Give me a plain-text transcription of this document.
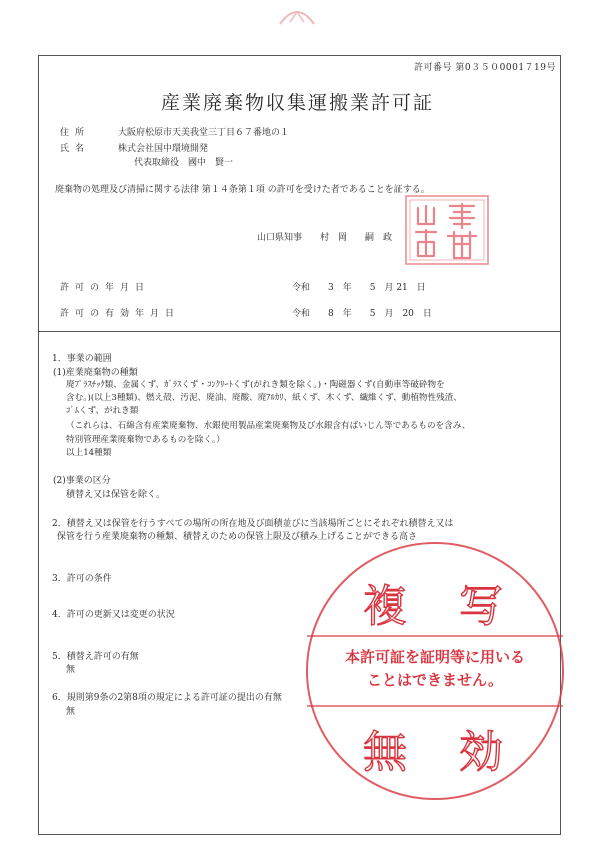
許可番号 第0３５０0001７19号
産業廃棄物収集運搬業許可証
住所	大阪府松原市天美我堂三丁目６７番地の１
氏名	株式会社国中環境開発
代表取締役　國中　賢一
廃棄物の処理及び清掃に関する法律 第１４条第１項 の許可を受けた者であることを証する。
山口県知事　　村　岡　　嗣　政
許可の年月日	令和　　3　年　　5　月 21　日
許可の有効年月日	令和　　8　年　　5　月　20　日
1．事業の範囲
(1)産業廃棄物の種類
廃ﾌﾟﾗｽﾁｯｸ類、金属くず、ｶﾞﾗｽくず・ｺﾝｸﾘｰﾄくず(がれき類を除く。)・陶磁器くず(自動車等破砕物を
含む。)(以上3種類)、燃え殻、汚泥、廃油、廃酸、廃ｱﾙｶﾘ、紙くず、木くず、繊維くず、動植物性残渣、
ｺﾞﾑくず、がれき類
（これらは、石綿含有産業廃棄物、水銀使用製品産業廃棄物及び水銀含有ばいじん等であるものを含み、
特別管理産業廃棄物であるものを除く。）
以上14種類
(2)事業の区分
積替え又は保管を除く。
2．積替え又は保管を行うすべての場所の所在地及び面積並びに当該場所ごとにそれぞれ積替え又は
保管を行う産業廃棄物の種類、積替えのための保管上限及び積み上げることができる高さ
3．許可の条件
4．許可の更新又は変更の状況
5．積替え許可の有無
無
6．規則第9条の2第8項の規定による許可証の提出の有無
無
複　写
本許可証を証明等に用いる
ことはできません。
無　効
